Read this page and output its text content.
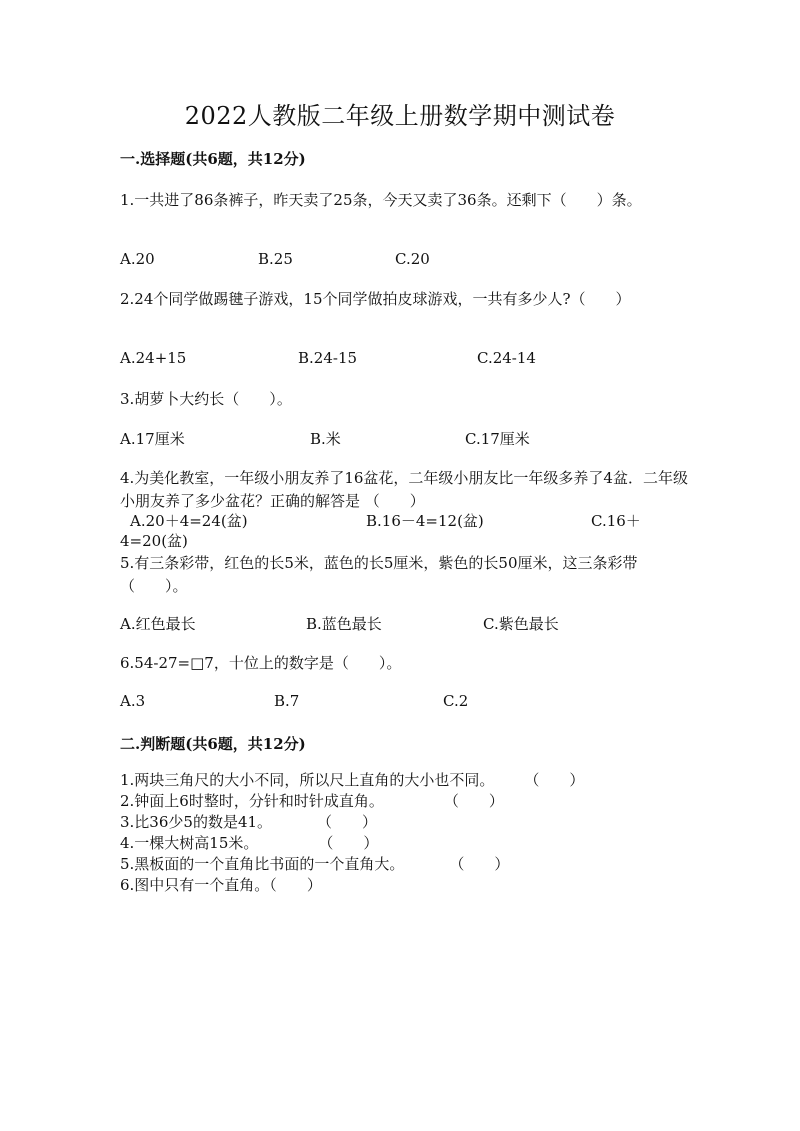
2022人教版二年级上册数学期中测试卷
一.选择题(共6题，共12分)
1.一共进了86条裤子，昨天卖了25条，今天又卖了36条。还剩下（　　）条。
A.20	B.25	C.20
2.24个同学做踢毽子游戏，15个同学做拍皮球游戏，一共有多少人?（　　）
A.24+15	B.24-15	C.24-14
3.胡萝卜大约长（　　）。
A.17厘米	B.米	C.17厘米
4.为美化教室，一年级小朋友养了16盆花，二年级小朋友比一年级多养了4盆．二年级小朋友养了多少盆花？正确的解答是 （　　）
A.20＋4=24(盆)	B.16－4=12(盆)	C.16＋
4=20(盆)
5.有三条彩带，红色的长5米，蓝色的长5厘米，紫色的长50厘米，这三条彩带（　　）。
A.红色最长	B.蓝色最长	C.紫色最长
6.54-27=□7，十位上的数字是（　　）。
A.3	B.7	C.2
二.判断题(共6题，共12分)
1.两块三角尺的大小不同，所以尺上直角的大小也不同。　　　（　　）
2.钟面上6时整时，分针和时针成直角。　　　　　（　　）
3.比36少5的数是41。　　　　（　　）
4.一棵大树高15米。　　　　　（　　）
5.黑板面的一个直角比书面的一个直角大。　　　　（　　）
6.图中只有一个直角。（　　）
